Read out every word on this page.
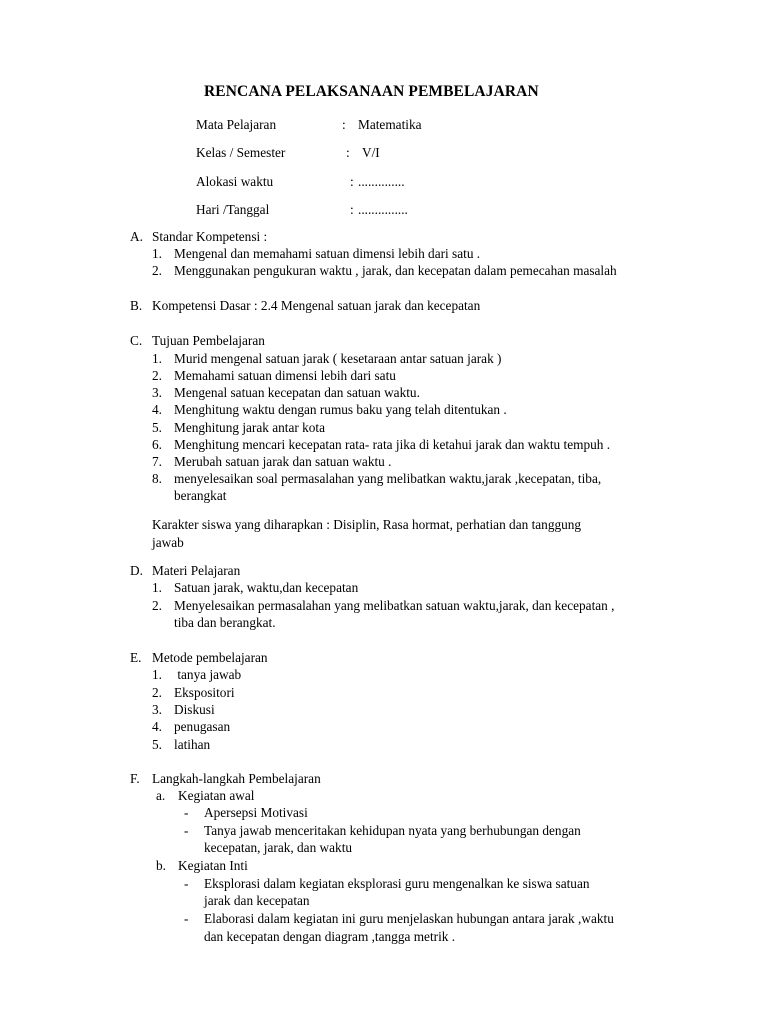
RENCANA PELAKSANAAN PEMBELAJARAN
Mata Pelajaran	: Matematika
Kelas / Semester	: V/I
Alokasi waktu	: ..............
Hari /Tanggal	: ...............
A. Standar Kompetensi :
1. Mengenal dan memahami satuan dimensi lebih dari satu .
2. Menggunakan pengukuran waktu , jarak, dan kecepatan dalam pemecahan masalah
B. Kompetensi Dasar : 2.4 Mengenal satuan jarak dan kecepatan
C. Tujuan Pembelajaran
1. Murid mengenal satuan jarak ( kesetaraan antar satuan jarak )
2. Memahami satuan dimensi lebih dari satu
3. Mengenal satuan kecepatan dan satuan waktu.
4. Menghitung waktu dengan rumus baku yang telah ditentukan .
5. Menghitung jarak antar kota
6. Menghitung mencari kecepatan rata- rata jika di ketahui jarak dan waktu tempuh .
7. Merubah satuan jarak dan satuan waktu .
8. menyelesaikan soal permasalahan yang melibatkan waktu,jarak ,kecepatan, tiba,
berangkat
Karakter siswa yang diharapkan : Disiplin, Rasa hormat, perhatian dan tanggung
jawab
D. Materi Pelajaran
1. Satuan jarak, waktu,dan kecepatan
2. Menyelesaikan permasalahan yang melibatkan satuan waktu,jarak, dan kecepatan ,
tiba dan berangkat.
E. Metode pembelajaran
1. tanya jawab
2. Ekspositori
3. Diskusi
4. penugasan
5. latihan
F. Langkah-langkah Pembelajaran
a. Kegiatan awal
- Apersepsi Motivasi
- Tanya jawab menceritakan kehidupan nyata yang berhubungan dengan
kecepatan, jarak, dan waktu
b. Kegiatan Inti
- Eksplorasi dalam kegiatan eksplorasi guru mengenalkan ke siswa satuan
jarak dan kecepatan
- Elaborasi dalam kegiatan ini guru menjelaskan hubungan antara jarak ,waktu
dan kecepatan dengan diagram ,tangga metrik .
